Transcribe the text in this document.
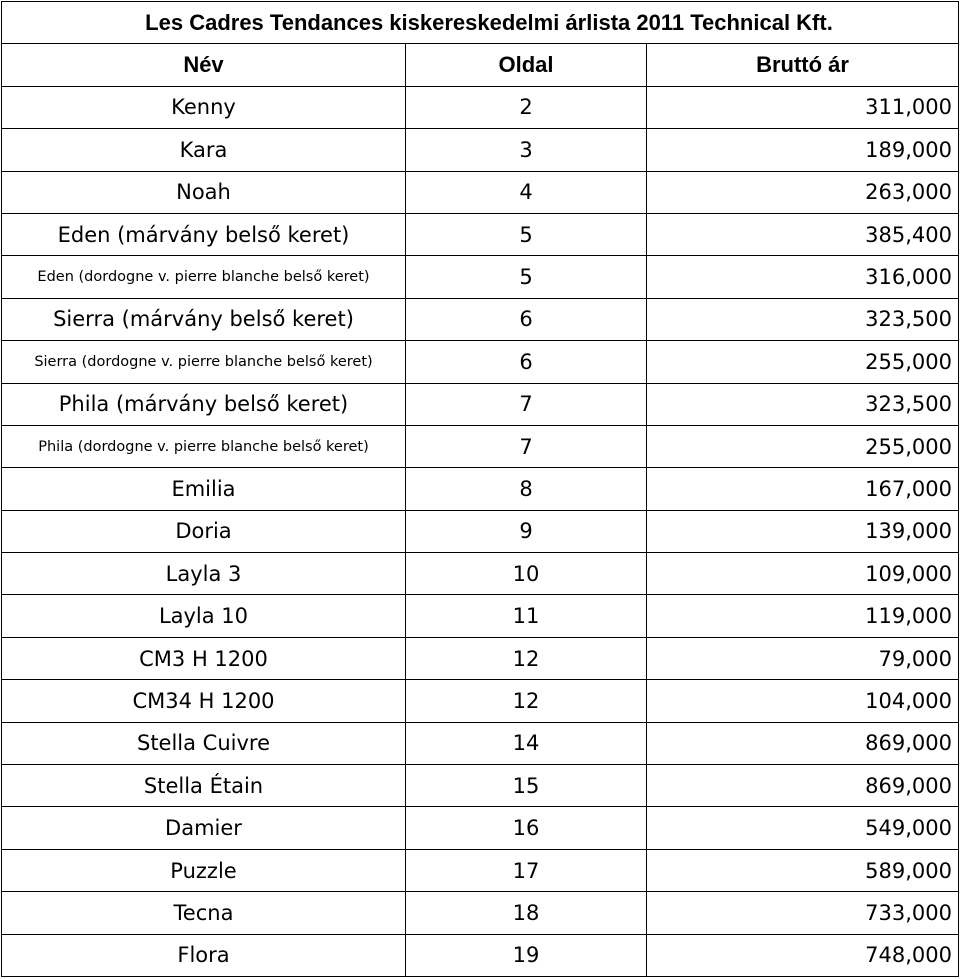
Les Cadres Tendances kiskereskedelmi árlista 2011 Technical Kft.		
Név	Oldal	Bruttó ár
Kenny	2	311,000
Kara	3	189,000
Noah	4	263,000
Eden (márvány belső keret)	5	385,400
Eden (dordogne v. pierre blanche belső keret)	5	316,000
Sierra (márvány belső keret)	6	323,500
Sierra (dordogne v. pierre blanche belső keret)	6	255,000
Phila (márvány belső keret)	7	323,500
Phila (dordogne v. pierre blanche belső keret)	7	255,000
Emilia	8	167,000
Doria	9	139,000
Layla 3	10	109,000
Layla 10	11	119,000
CM3 H 1200	12	79,000
CM34 H 1200	12	104,000
Stella Cuivre	14	869,000
Stella Étain	15	869,000
Damier	16	549,000
Puzzle	17	589,000
Tecna	18	733,000
Flora	19	748,000
